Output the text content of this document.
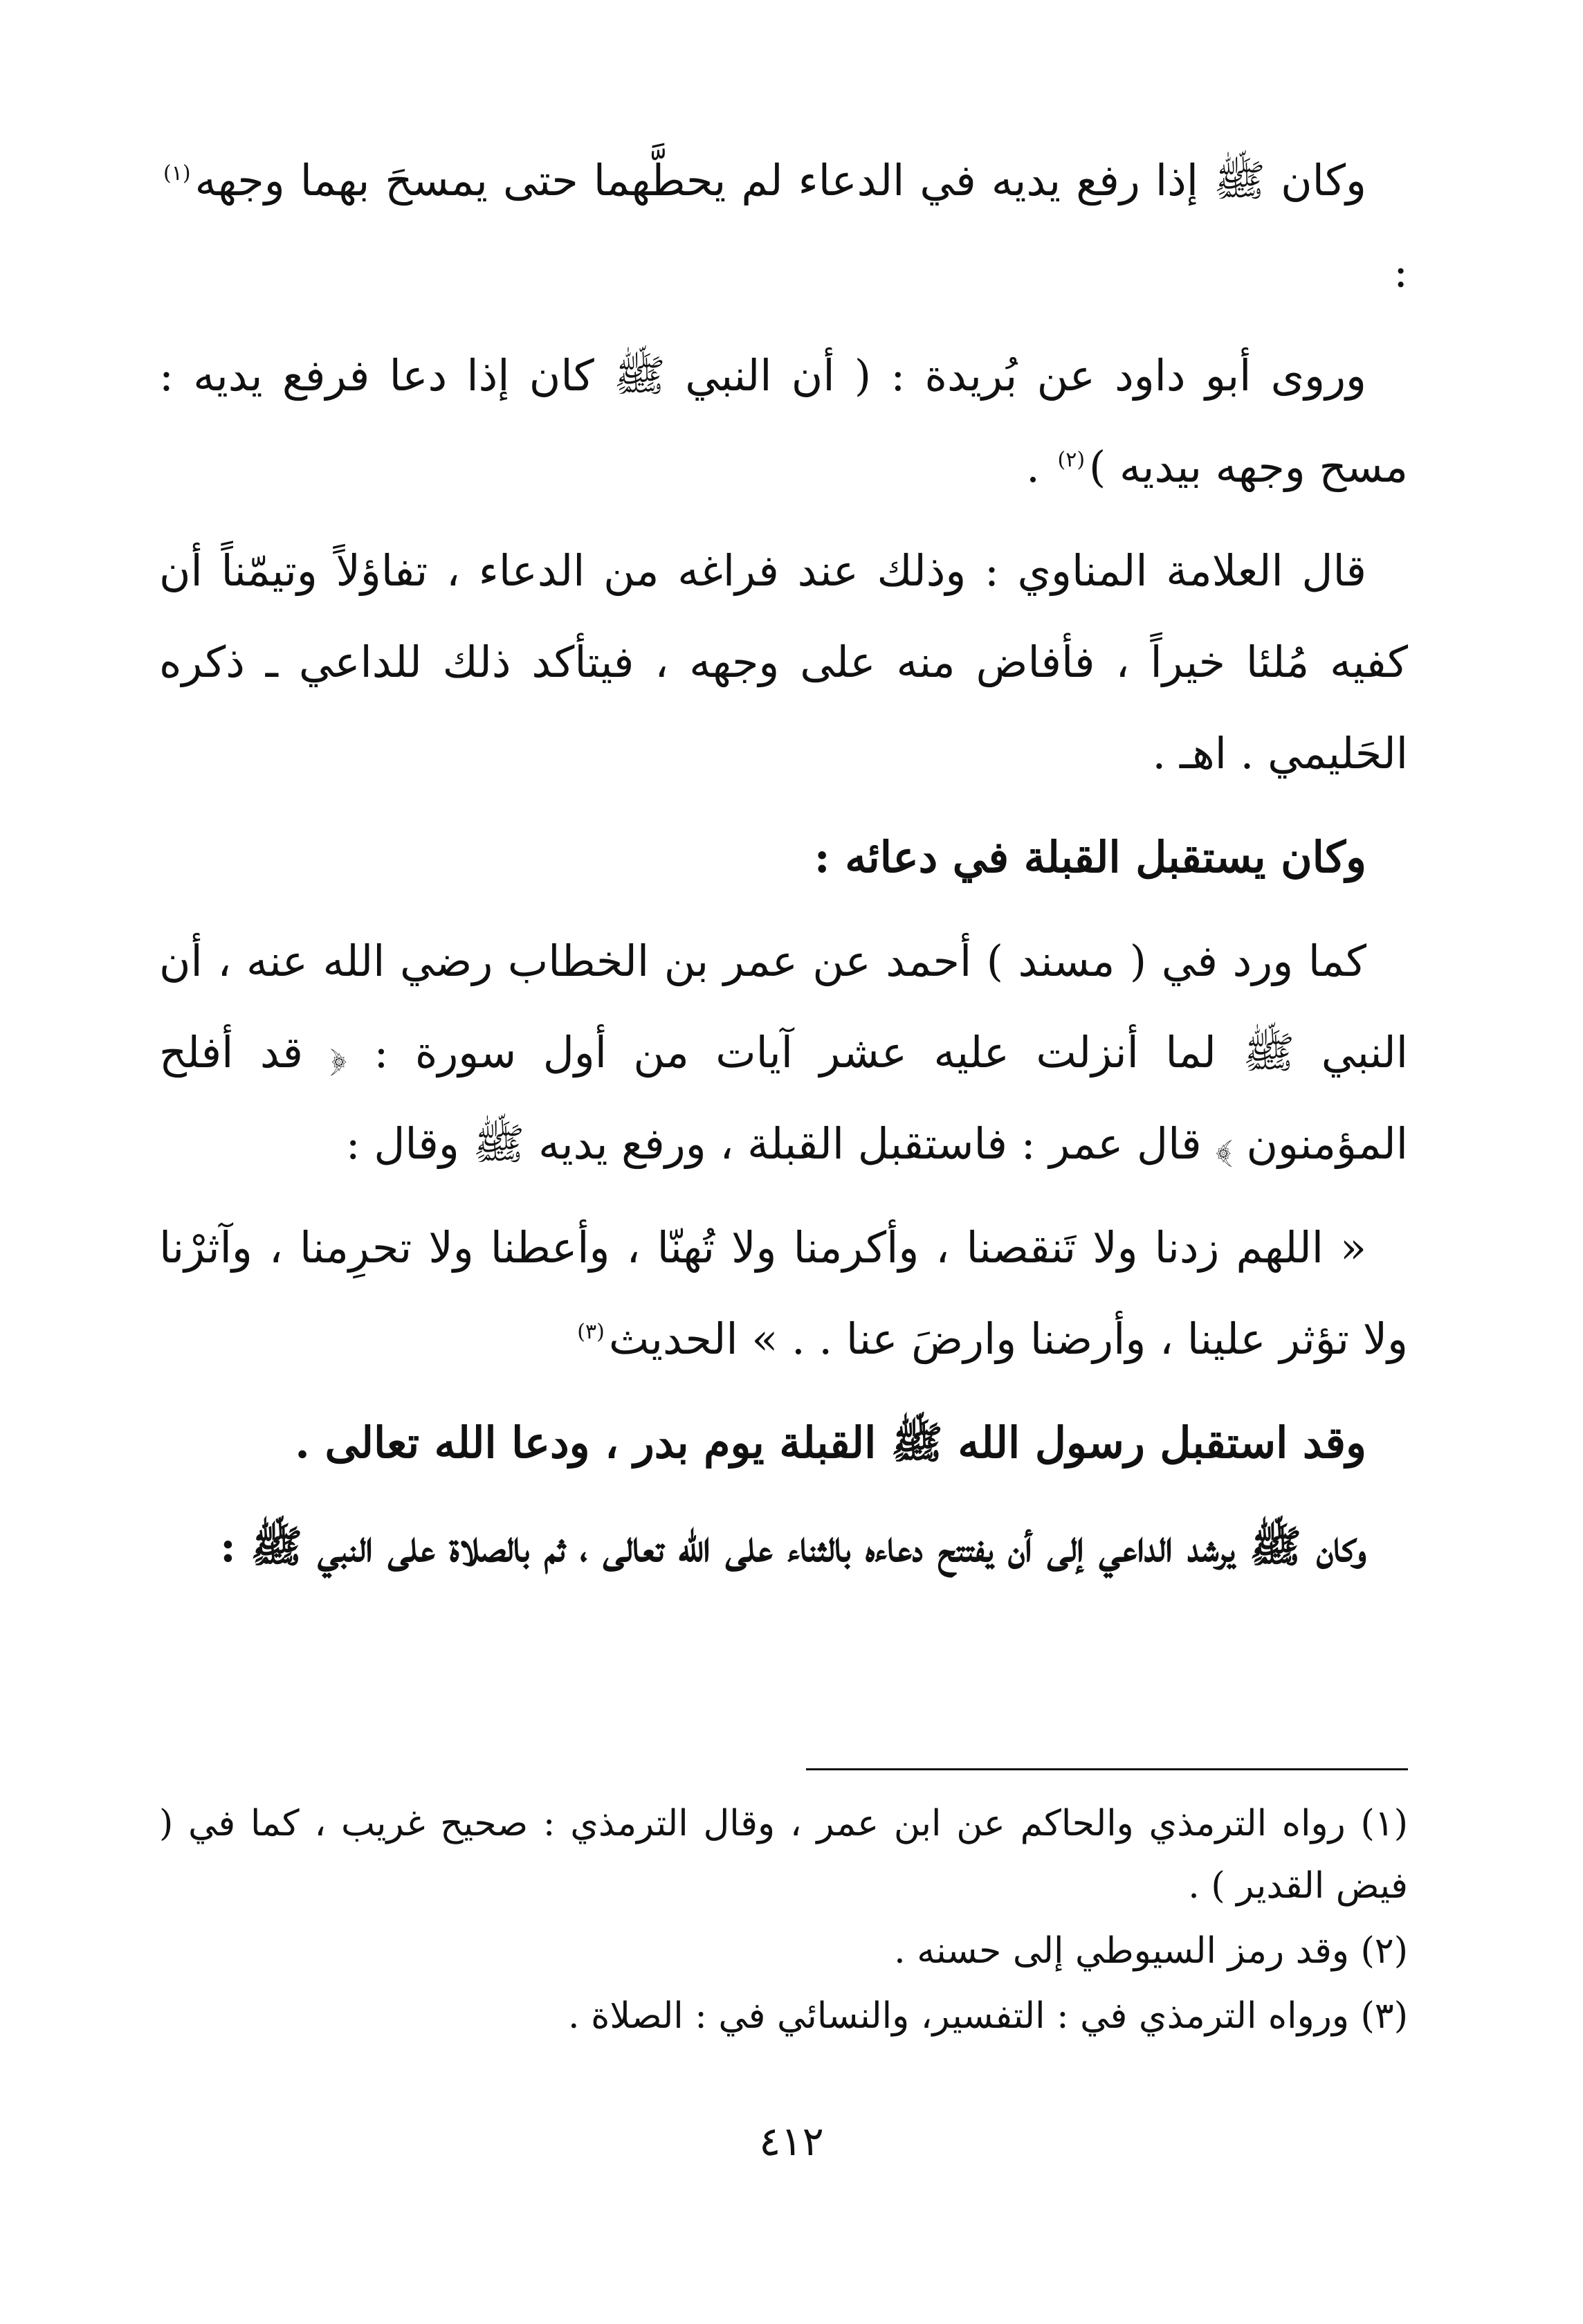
وكان ﷺ إذا رفع يديه في الدعاء لم يحطَّهما حتى يمسحَ بهما وجهه$^{(١)}$ :

وروى أبو داود عن بُريدة : ( أن النبي ﷺ كان إذا دعا فرفع يديه : مسح وجهه بيديه )$^{(٢)}$ .

قال العلامة المناوي : وذلك عند فراغه من الدعاء ، تفاؤلاً وتيمّناً أن كفيه مُلئا خيراً ، فأفاض منه على وجهه ، فيتأكد ذلك للداعي ـ ذكره الحَليمي . اهـ .

وكان يستقبل القبلة في دعائه :

كما ورد في ( مسند ) أحمد عن عمر بن الخطاب رضي الله عنه ، أن النبي ﷺ لما أنزلت عليه عشر آيات من أول سورة : ﴿ قد أفلح المؤمنون ﴾ قال عمر : فاستقبل القبلة ، ورفع يديه ﷺ وقال :

« اللهم زدنا ولا تَنقصنا ، وأكرمنا ولا تُهنّا ، وأعطنا ولا تحرِمنا ، وآثرْنا ولا تؤثر علينا ، وأرضنا وارضَ عنا . . » الحديث$^{(٣)}$

وقد استقبل رسول الله ﷺ القبلة يوم بدر ، ودعا الله تعالى .

وكان ﷺ يرشد الداعي إلى أن يفتتح دعاءه بالثناء على الله تعالى ، ثم بالصلاة على النبي ﷺ :

(١) رواه الترمذي والحاكم عن ابن عمر ، وقال الترمذي : صحيح غريب ، كما في ( فيض القدير ) .

(٢) وقد رمز السيوطي إلى حسنه .

(٣) ورواه الترمذي في : التفسير، والنسائي في : الصلاة .

٤١٢
